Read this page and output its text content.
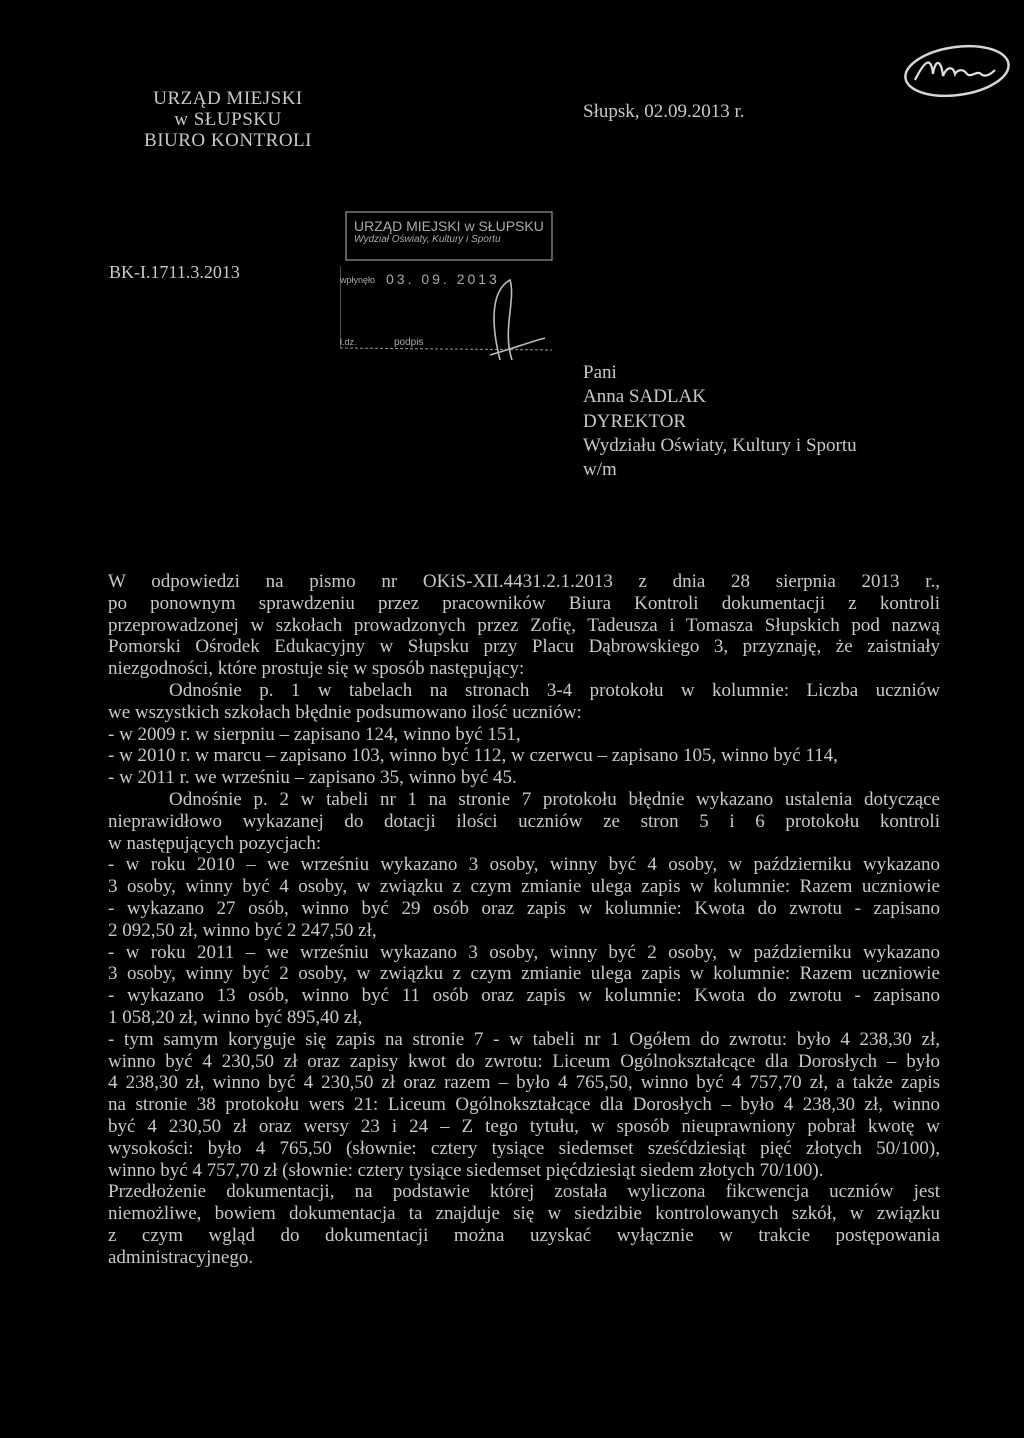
URZĄD MIEJSKI
w SŁUPSKU
BIURO KONTROLI
Słupsk, 02.09.2013 r.
BK-I.1711.3.2013
URZĄD MIEJSKI w SŁUPSKU
Wydział Oświaty, Kultury i Sportu
wpłynęło 03. 09. 2013
l.dz.	podpis
Pani
Anna SADLAK
DYREKTOR
Wydziału Oświaty, Kultury i Sportu
w/m
W odpowiedzi na pismo nr OKiS-XII.4431.2.1.2013 z dnia 28 sierpnia 2013 r.,
po ponownym sprawdzeniu przez pracowników Biura Kontroli dokumentacji z kontroli
przeprowadzonej w szkołach prowadzonych przez Zofię, Tadeusza i Tomasza Słupskich pod nazwą
Pomorski Ośrodek Edukacyjny w Słupsku przy Placu Dąbrowskiego 3, przyznaję, że zaistniały
niezgodności, które prostuje się w sposób następujący:
Odnośnie p. 1 w tabelach na stronach 3-4 protokołu w kolumnie: Liczba uczniów
we wszystkich szkołach błędnie podsumowano ilość uczniów:
- w 2009 r. w sierpniu – zapisano 124, winno być 151,
- w 2010 r. w marcu – zapisano 103, winno być 112, w czerwcu – zapisano 105, winno być 114,
- w 2011 r. we wrześniu – zapisano 35, winno być 45.
Odnośnie p. 2 w tabeli nr 1 na stronie 7 protokołu błędnie wykazano ustalenia dotyczące
nieprawidłowo wykazanej do dotacji ilości uczniów ze stron 5 i 6 protokołu kontroli
w następujących pozycjach:
- w roku 2010 – we wrześniu wykazano 3 osoby, winny być 4 osoby, w październiku wykazano
3 osoby, winny być 4 osoby, w związku z czym zmianie ulega zapis w kolumnie: Razem uczniowie
- wykazano 27 osób, winno być 29 osób oraz zapis w kolumnie: Kwota do zwrotu - zapisano
2 092,50 zł, winno być 2 247,50 zł,
- w roku 2011 – we wrześniu wykazano 3 osoby, winny być 2 osoby, w październiku wykazano
3 osoby, winny być 2 osoby, w związku z czym zmianie ulega zapis w kolumnie: Razem uczniowie
- wykazano 13 osób, winno być 11 osób oraz zapis w kolumnie: Kwota do zwrotu - zapisano
1 058,20 zł, winno być 895,40 zł,
- tym samym koryguje się zapis na stronie 7 - w tabeli nr 1 Ogółem do zwrotu: było 4 238,30 zł,
winno być 4 230,50 zł oraz zapisy kwot do zwrotu: Liceum Ogólnokształcące dla Dorosłych – było
4 238,30 zł, winno być 4 230,50 zł oraz razem – było 4 765,50, winno być 4 757,70 zł, a także zapis
na stronie 38 protokołu wers 21: Liceum Ogólnokształcące dla Dorosłych – było 4 238,30 zł, winno
być 4 230,50 zł oraz wersy 23 i 24 – Z tego tytułu, w sposób nieuprawniony pobrał kwotę w
wysokości: było 4 765,50 (słownie: cztery tysiące siedemset sześćdziesiąt pięć złotych 50/100),
winno być 4 757,70 zł (słownie: cztery tysiące siedemset pięćdziesiąt siedem złotych 70/100).
Przedłożenie dokumentacji, na podstawie której została wyliczona fikcwencja uczniów jest
niemożliwe, bowiem dokumentacja ta znajduje się w siedzibie kontrolowanych szkół, w związku
z czym wgląd do dokumentacji można uzyskać wyłącznie w trakcie postępowania
administracyjnego.
